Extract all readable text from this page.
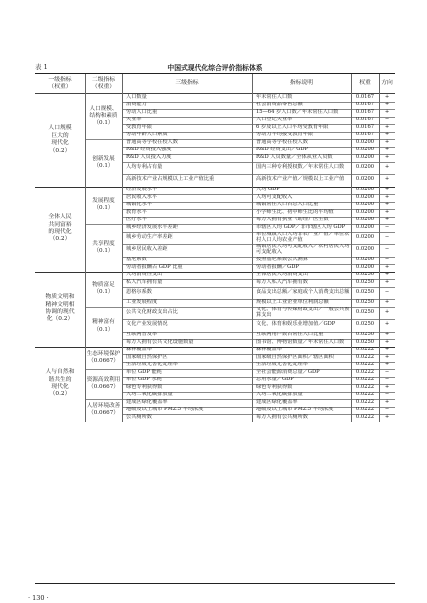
表 1	中国式现代化综合评价指标体系
一级指标
（权重）
二级指标
（权重）
三级指标	指标说明	权重	方向
人口数量	年末常住人口数	0.0167	+
消费能力	社会消费品零售总额	0.0167	+
劳动人口比重	15—64 岁人口数／年末常住人口数	0.0167	+
失业率	人口登记失业率	0.0167	−
受教育年限	6 岁及以上人口平均受教育年限	0.0167	+
劳动年龄人口素质	劳动力平均接受教育年限	0.0167	+
人口规模、
结构和素质
（0.1）
普通高等学校在校人数	普通高等学校在校人数	0.0200	+
R&D 经费投入强度	R&D 经费支出／GDP	0.0200	+
R&D 人员投入力度	R&D 人员数量／全体从业人员数	0.0200	+
人均专利占有量	国内三种专利授权数／年末常住人口数	0.0200	+
高新技术产业占规模以上工业产值比重	高新技术产业产值／规模以上工业产值	0.0200	+
创新发展
（0.1）
人口规模
巨大的
现代化
（0.2）
经济发展水平	人均 GDP	0.0200	+
居民收入水平	人均可支配收入	0.0200	+
城镇化水平	城镇常住人口占总人口比重	0.0200	+
教育水平	小学师生比、初中师生比的平均值	0.0200	+
医疗水平	每万人拥有执业（助理）医生数	0.0200	+
发展程度
（0.1）
城乡经济发展水平差距	市辖区人均 GDP／非市辖区人均 GDP	0.0200	−
城乡劳动生产率差距	单位城镇人口人均非农产业产值／单位农村人口人均农业产值	0.0200	−
城乡居民收入差距	城镇居民人均可支配收入／农村居民人均可支配收入	0.0200	−
基尼系数	按照基尼系数公式测算	0.0200	−
劳动者报酬占 GDP 比重	劳动者报酬／GDP	0.0200	+
共享程度
（0.1）
全体人民
共同富裕
的现代化
（0.2）
人均消费性支出	全体居民人均消费支出	0.0250	+
私人汽车拥有量	每万人私人汽车拥有数	0.0250	+
恩格尔系数	食品支出总额／家庭或个人消费支出总额	0.0250	−
工业发展程度	规模以上工业企业单位利润总额	0.0250	+
物质富足
（0.1）
公共文化财政支出占比	文化、体育与传媒财政支出／一般公共预算支出	0.0250	+
文化产业发展情况	文化、体育和娱乐业增加值／GDP	0.0250	+
互联网普及率	互联网用户数占常住人口比重	0.0250	+
每万人拥有公共文化设施数量	图书馆、博物馆数量／年末常住人口数	0.0250	+
精神富有
（0.1）
物质文明和
精神文明相
协调的现代
化（0.2）
森林覆盖率	森林覆盖率	0.0222	+
国家级自然保护区	国家级自然保护区面积／辖区面积	0.0222	+
生活垃圾无害化处理率	生活垃圾无害化处理率	0.0222	+
生态环境保护
（0.0667）
单位 GDP 能耗	全社会能源消费总量／GDP	0.0222	−
单位 GDP 水耗	总用水量／GDP	0.0222	−
绿色专利获得数	绿色专利获得数	0.0222	+
人均二氧化碳排放量	人均二氧化碳排放量	0.0222	−
资源高效利用
（0.0667）
建成区绿化覆盖率	建成区绿化覆盖率	0.0222	+
地级及以上城市 PM2.5 平均浓度	地级及以上城市 PM2.5 平均浓度	0.0222	−
公共厕所数	每万人拥有公共厕所数	0.0222	+
人居环境改善
（0.0667）
人与自然和
谐共生的
现代化
（0.2）
· 130 ·
